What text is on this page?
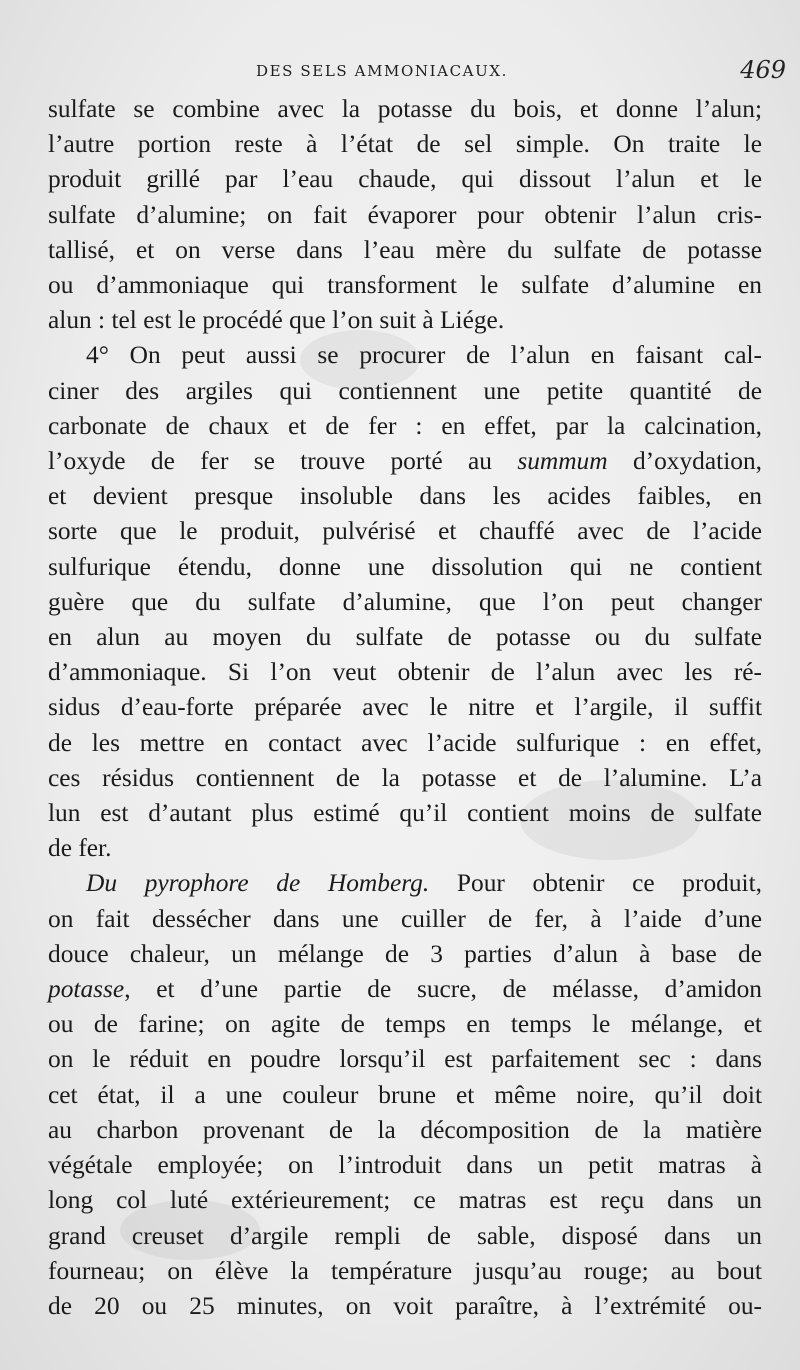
DES SELS AMMONIACAUX.	469
sulfate se combine avec la potasse du bois, et donne l’alun;
l’autre portion reste à l’état de sel simple. On traite le
produit grillé par l’eau chaude, qui dissout l’alun et le
sulfate d’alumine; on fait évaporer pour obtenir l’alun cris-
tallisé, et on verse dans l’eau mère du sulfate de potasse
ou d’ammoniaque qui transforment le sulfate d’alumine en
alun : tel est le procédé que l’on suit à Liége.
4° On peut aussi se procurer de l’alun en faisant cal-
ciner des argiles qui contiennent une petite quantité de
carbonate de chaux et de fer : en effet, par la calcination,
l’oxyde de fer se trouve porté au summum d’oxydation,
et devient presque insoluble dans les acides faibles, en
sorte que le produit, pulvérisé et chauffé avec de l’acide
sulfurique étendu, donne une dissolution qui ne contient
guère que du sulfate d’alumine, que l’on peut changer
en alun au moyen du sulfate de potasse ou du sulfate
d’ammoniaque. Si l’on veut obtenir de l’alun avec les ré-
sidus d’eau-forte préparée avec le nitre et l’argile, il suffit
de les mettre en contact avec l’acide sulfurique : en effet,
ces résidus contiennent de la potasse et de l’alumine. L’a
lun est d’autant plus estimé qu’il contient moins de sulfate
de fer.
Du pyrophore de Homberg. Pour obtenir ce produit,
on fait dessécher dans une cuiller de fer, à l’aide d’une
douce chaleur, un mélange de 3 parties d’alun à base de
potasse, et d’une partie de sucre, de mélasse, d’amidon
ou de farine; on agite de temps en temps le mélange, et
on le réduit en poudre lorsqu’il est parfaitement sec : dans
cet état, il a une couleur brune et même noire, qu’il doit
au charbon provenant de la décomposition de la matière
végétale employée; on l’introduit dans un petit matras à
long col luté extérieurement; ce matras est reçu dans un
grand creuset d’argile rempli de sable, disposé dans un
fourneau; on élève la température jusqu’au rouge; au bout
de 20 ou 25 minutes, on voit paraître, à l’extrémité ou-
